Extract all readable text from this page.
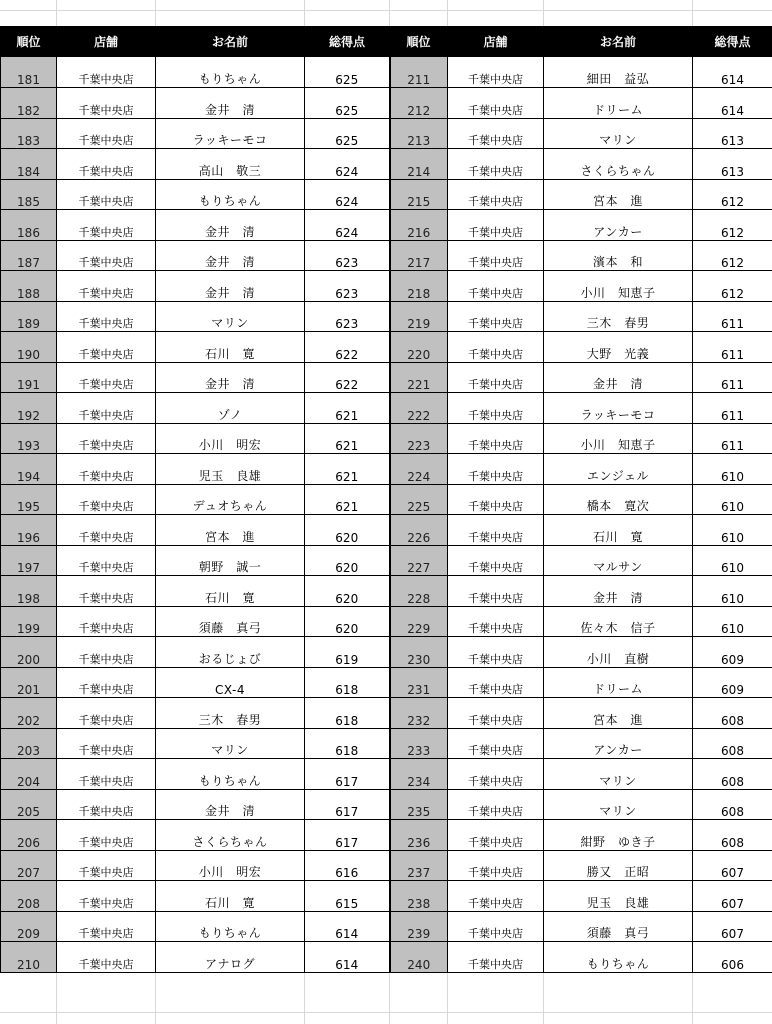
順位	店舗	お名前	総得点	順位	店舗	お名前	総得点
181	千葉中央店	もりちゃん	625	211	千葉中央店	細田　益弘	614
182	千葉中央店	金井　清	625	212	千葉中央店	ドリーム	614
183	千葉中央店	ラッキーモコ	625	213	千葉中央店	マリン	613
184	千葉中央店	高山　敬三	624	214	千葉中央店	さくらちゃん	613
185	千葉中央店	もりちゃん	624	215	千葉中央店	宮本　進	612
186	千葉中央店	金井　清	624	216	千葉中央店	アンカー	612
187	千葉中央店	金井　清	623	217	千葉中央店	濱本　和	612
188	千葉中央店	金井　清	623	218	千葉中央店	小川　知恵子	612
189	千葉中央店	マリン	623	219	千葉中央店	三木　春男	611
190	千葉中央店	石川　寛	622	220	千葉中央店	大野　光義	611
191	千葉中央店	金井　清	622	221	千葉中央店	金井　清	611
192	千葉中央店	ゾノ	621	222	千葉中央店	ラッキーモコ	611
193	千葉中央店	小川　明宏	621	223	千葉中央店	小川　知恵子	611
194	千葉中央店	児玉　良雄	621	224	千葉中央店	エンジェル	610
195	千葉中央店	デュオちゃん	621	225	千葉中央店	橋本　寛次	610
196	千葉中央店	宮本　進	620	226	千葉中央店	石川　寛	610
197	千葉中央店	朝野　誠一	620	227	千葉中央店	マルサン	610
198	千葉中央店	石川　寛	620	228	千葉中央店	金井　清	610
199	千葉中央店	須藤　真弓	620	229	千葉中央店	佐々木　信子	610
200	千葉中央店	おるじょび	619	230	千葉中央店	小川　直樹	609
201	千葉中央店	CX-4	618	231	千葉中央店	ドリーム	609
202	千葉中央店	三木　春男	618	232	千葉中央店	宮本　進	608
203	千葉中央店	マリン	618	233	千葉中央店	アンカー	608
204	千葉中央店	もりちゃん	617	234	千葉中央店	マリン	608
205	千葉中央店	金井　清	617	235	千葉中央店	マリン	608
206	千葉中央店	さくらちゃん	617	236	千葉中央店	紺野　ゆき子	608
207	千葉中央店	小川　明宏	616	237	千葉中央店	勝又　正昭	607
208	千葉中央店	石川　寛	615	238	千葉中央店	児玉　良雄	607
209	千葉中央店	もりちゃん	614	239	千葉中央店	須藤　真弓	607
210	千葉中央店	アナログ	614	240	千葉中央店	もりちゃん	606
